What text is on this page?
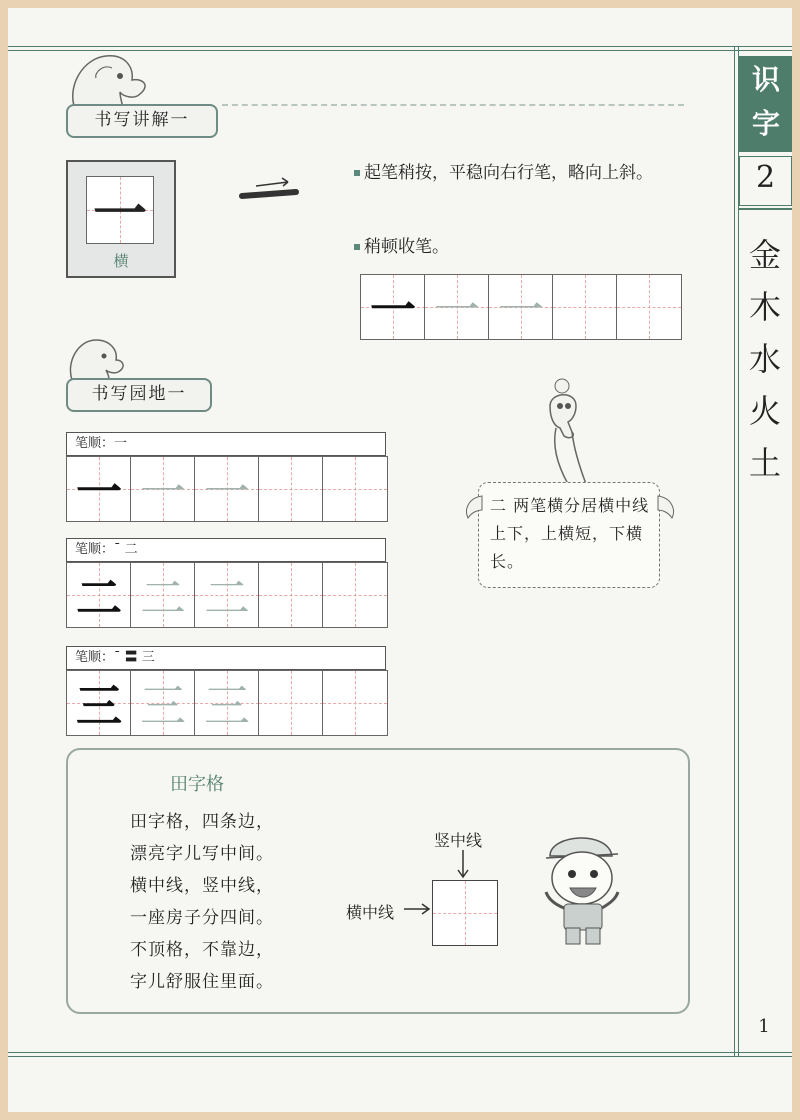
识字
2
金
木
水
火
土
1
书写讲解一
一
横
起笔稍按，平稳向右行笔，略向上斜。
稍顿收笔。
一 一 一
书写园地一
笔顺：一
一 一 一
笔顺：ˉ 二
二 二 二
笔顺：ˉ 〓 三
三 三 三
二 两笔横分居横中线上下，上横短，下横长。
田字格
田字格，四条边，
漂亮字儿写中间。
横中线，竖中线，
一座房子分四间。
不顶格，不靠边，
字儿舒服住里面。
竖中线
横中线
